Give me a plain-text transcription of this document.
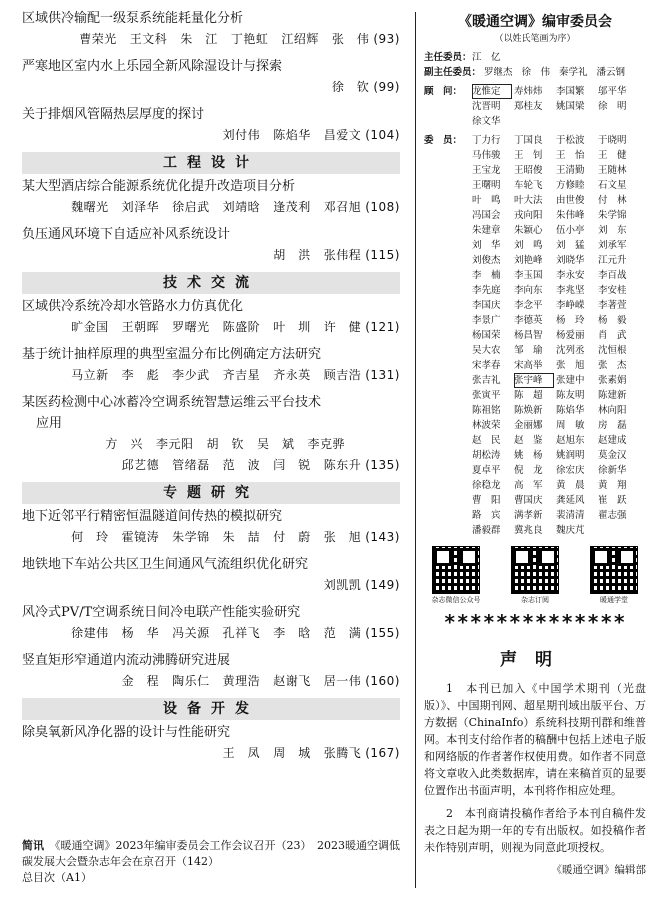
区域供冷输配一级泵系统能耗量化分析
曹荣光 王文科 朱　江 丁艳虹 江绍辉 张　伟 (93)
严寒地区室内水上乐园全新风除湿设计与探索
徐　钦 (99)
关于排烟风管隔热层厚度的探讨
刘付伟 陈焰华 昌爱文 (104)
工程设计
某大型酒店综合能源系统优化提升改造项目分析
魏曙光 刘泽华 徐启武 刘靖晗 逢茂利 邓召旭 (108)
负压通风环境下自适应补风系统设计
胡　洪 张伟程 (115)
技术交流
区域供冷系统冷却水管路水力仿真优化
旷金国 王朝晖 罗曙光 陈盛阶 叶　圳 许　健 (121)
基于统计抽样原理的典型室温分布比例确定方法研究
马立新 李　彪 李少武 齐吉星 齐永英 顾吉浩 (131)
某医药检测中心冰蓄冷空调系统智慧运维云平台技术
应用
方　兴 李元阳 胡　钦 吴　斌 李克骅
邱艺德 管绪磊 范　波 闫　锐 陈东升 (135)
专题研究
地下近邻平行精密恒温隧道间传热的模拟研究
何　玲 霍镜涛 朱学锦 朱　喆 付　蔚 张　旭 (143)
地铁地下车站公共区卫生间通风气流组织优化研究
刘凯凯 (149)
风冷式PV/T空调系统日间冷电联产性能实验研究
徐建伟 杨　华 冯关源 孔祥飞 李　晗 范　满 (155)
竖直矩形窄通道内流动沸腾研究进展
金　程 陶乐仁 黄理浩 赵谢飞 居一伟 (160)
设备开发
除臭氧新风净化器的设计与性能研究
王　凤 周　城 张腾飞 (167)
简讯　 《暖通空调》2023年编审委员会工作会议召开（23）　2023暖通空调低碳发展大会暨杂志年会在京召开（142）
总目次（A1）
《暖通空调》编审委员会
（以姓氏笔画为序）
主任委员： 江　亿
副主任委员： 罗继杰 徐　伟 秦学礼 潘云钢
顾　问：	龙惟定	寿炜炜	李国繁	邬平华
沈晋明	郑桂友	姚国梁	徐　明
徐文华
委　员：	丁力行	丁国良	于松波	于晓明
马伟骏	王　钊	王　怡	王　健
王宝龙	王昭俊	王清勤	王随林
王曙明	车轮飞	方修睦	石文星
叶　鸣	叶大法	由世俊	付　林
冯国会	戎向阳	朱伟峰	朱学锦
朱建章	朱颖心	伍小亭	刘　东
刘　华	刘　鸣	刘　猛	刘承军
刘俊杰	刘艳峰	刘晓华	江元升
李　楠	李玉国	李永安	李百战
李先庭	李向东	李兆坚	李安桂
李国庆	李念平	李峥嵘	李著萱
李景广	李德英	杨　玲	杨　毅
杨国荣	杨昌智	杨爱丽	肖　武
吴大农	邹　瑜	沈列丞	沈恒根
宋孝春	宋高举	张　旭	张　杰
张吉礼	张宇峰	张建中	张素娟
张寅平	陈　超	陈友明	陈建新
陈祖铭	陈焕新	陈焰华	林向阳
林波荣	金丽娜	周　敏	房　磊
赵　民	赵　鉴	赵旭东	赵建成
胡松涛	姚　杨	姚润明	莫金汉
夏卓平	倪　龙	徐宏庆	徐新华
徐稳龙	高　军	黄　晨	黄　翔
曹　阳	曹国庆	龚延风	崔　跃
路　宾	满孝新	裴清清	翟志强
潘毅群	冀兆良	魏庆芃
杂志微信公众号	杂志订阅	暖通学堂
**************
声明

1　本刊已加入《中国学术期刊（光盘版）》、中国期刊网、超星期刊域出版平台、万方数据（ChinaInfo）系统科技期刊群和维普网。本刊支付给作者的稿酬中包括上述电子版和网络版的作者著作权使用费。如作者不同意将文章收入此类数据库，请在来稿首页的显要位置作出书面声明，本刊将作相应处理。

2　本刊商请投稿作者给予本刊自稿件发表之日起为期一年的专有出版权。如投稿作者未作特别声明，则视为同意此项授权。

《暖通空调》编辑部
